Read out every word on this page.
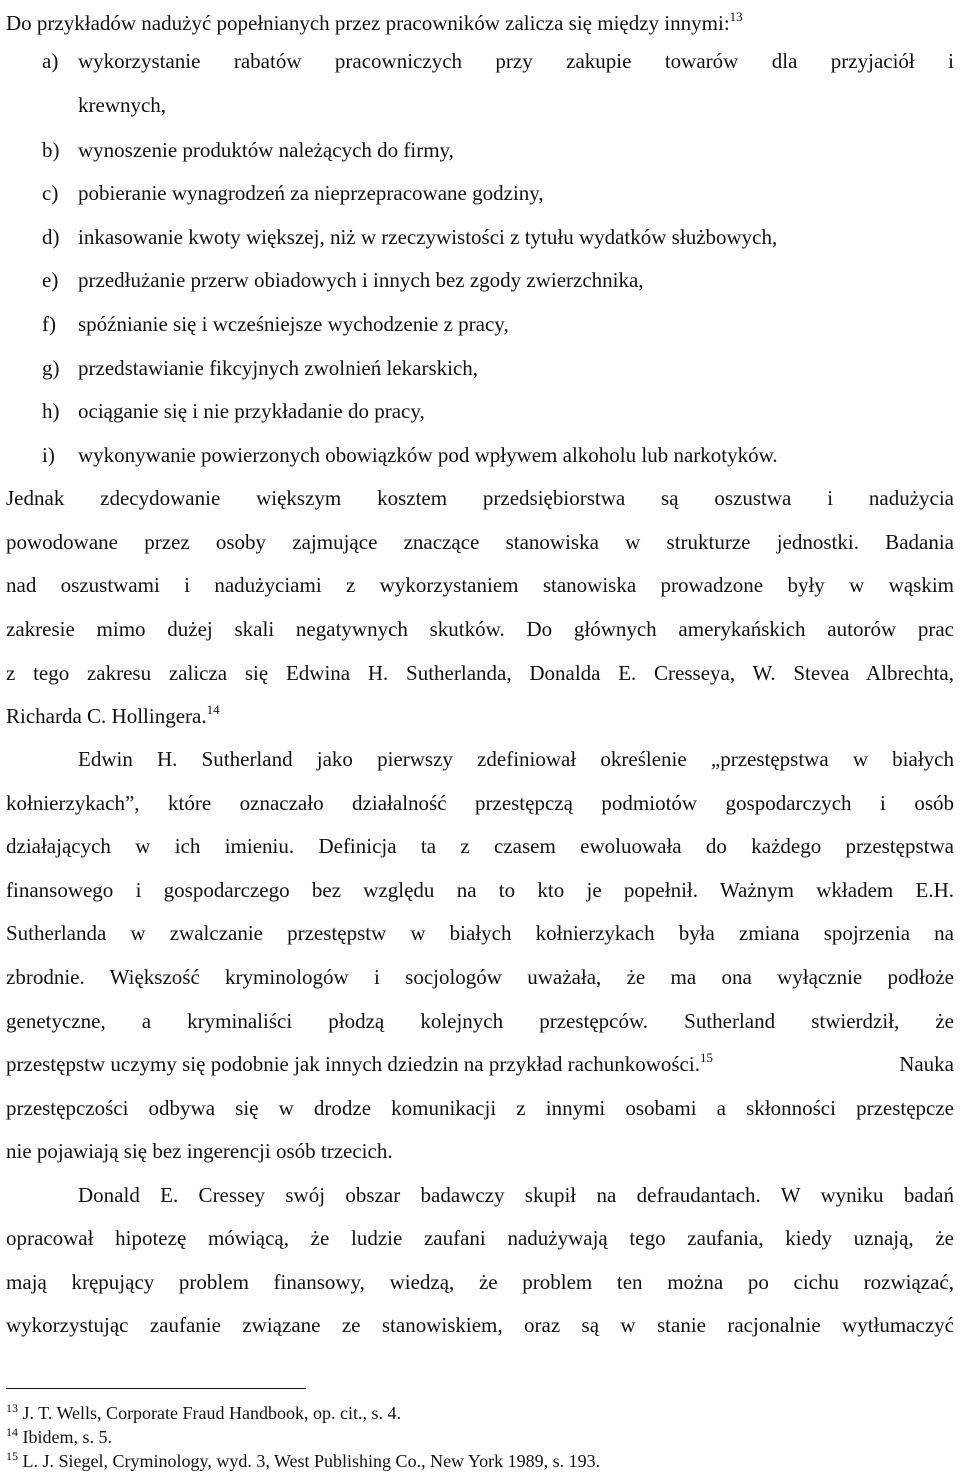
Do przykładów nadużyć popełnianych przez pracowników zalicza się między innymi:$^{13}$
a) wykorzystanie rabatów pracowniczych przy zakupie towarów dla przyjaciół i
krewnych,
b) wynoszenie produktów należących do firmy,
c) pobieranie wynagrodzeń za nieprzepracowane godziny,
d) inkasowanie kwoty większej, niż w rzeczywistości z tytułu wydatków służbowych,
e) przedłużanie przerw obiadowych i innych bez zgody zwierzchnika,
f) spóźnianie się i wcześniejsze wychodzenie z pracy,
g) przedstawianie fikcyjnych zwolnień lekarskich,
h) ociąganie się i nie przykładanie do pracy,
i) wykonywanie powierzonych obowiązków pod wpływem alkoholu lub narkotyków.
Jednak zdecydowanie większym kosztem przedsiębiorstwa są oszustwa i nadużycia
powodowane przez osoby zajmujące znaczące stanowiska w strukturze jednostki. Badania
nad oszustwami i nadużyciami z wykorzystaniem stanowiska prowadzone były w wąskim
zakresie mimo dużej skali negatywnych skutków. Do głównych amerykańskich autorów prac
z tego zakresu zalicza się Edwina H. Sutherlanda, Donalda E. Cresseya, W. Stevea Albrechta,
Richarda C. Hollingera.$^{14}$
Edwin H. Sutherland jako pierwszy zdefiniował określenie „przestępstwa w białych
kołnierzykach”, które oznaczało działalność przestępczą podmiotów gospodarczych i osób
działających w ich imieniu. Definicja ta z czasem ewoluowała do każdego przestępstwa
finansowego i gospodarczego bez względu na to kto je popełnił. Ważnym wkładem E.H.
Sutherlanda w zwalczanie przestępstw w białych kołnierzykach była zmiana spojrzenia na
zbrodnie. Większość kryminologów i socjologów uważała, że ma ona wyłącznie podłoże
genetyczne, a kryminaliści płodzą kolejnych przestępców. Sutherland stwierdził, że
przestępstw uczymy się podobnie jak innych dziedzin na przykład rachunkowości.$^{15}$	Nauka
przestępczości odbywa się w drodze komunikacji z innymi osobami a skłonności przestępcze
nie pojawiają się bez ingerencji osób trzecich.
Donald E. Cressey swój obszar badawczy skupił na defraudantach. W wyniku badań
opracował hipotezę mówiącą, że ludzie zaufani nadużywają tego zaufania, kiedy uznają, że
mają krępujący problem finansowy, wiedzą, że problem ten można po cichu rozwiązać,
wykorzystując zaufanie związane ze stanowiskiem, oraz są w stanie racjonalnie wytłumaczyć
$^{13}$ J. T. Wells, Corporate Fraud Handbook, op. cit., s. 4.
$^{14}$ Ibidem, s. 5.
$^{15}$ L. J. Siegel, Cryminology, wyd. 3, West Publishing Co., New York 1989, s. 193.
